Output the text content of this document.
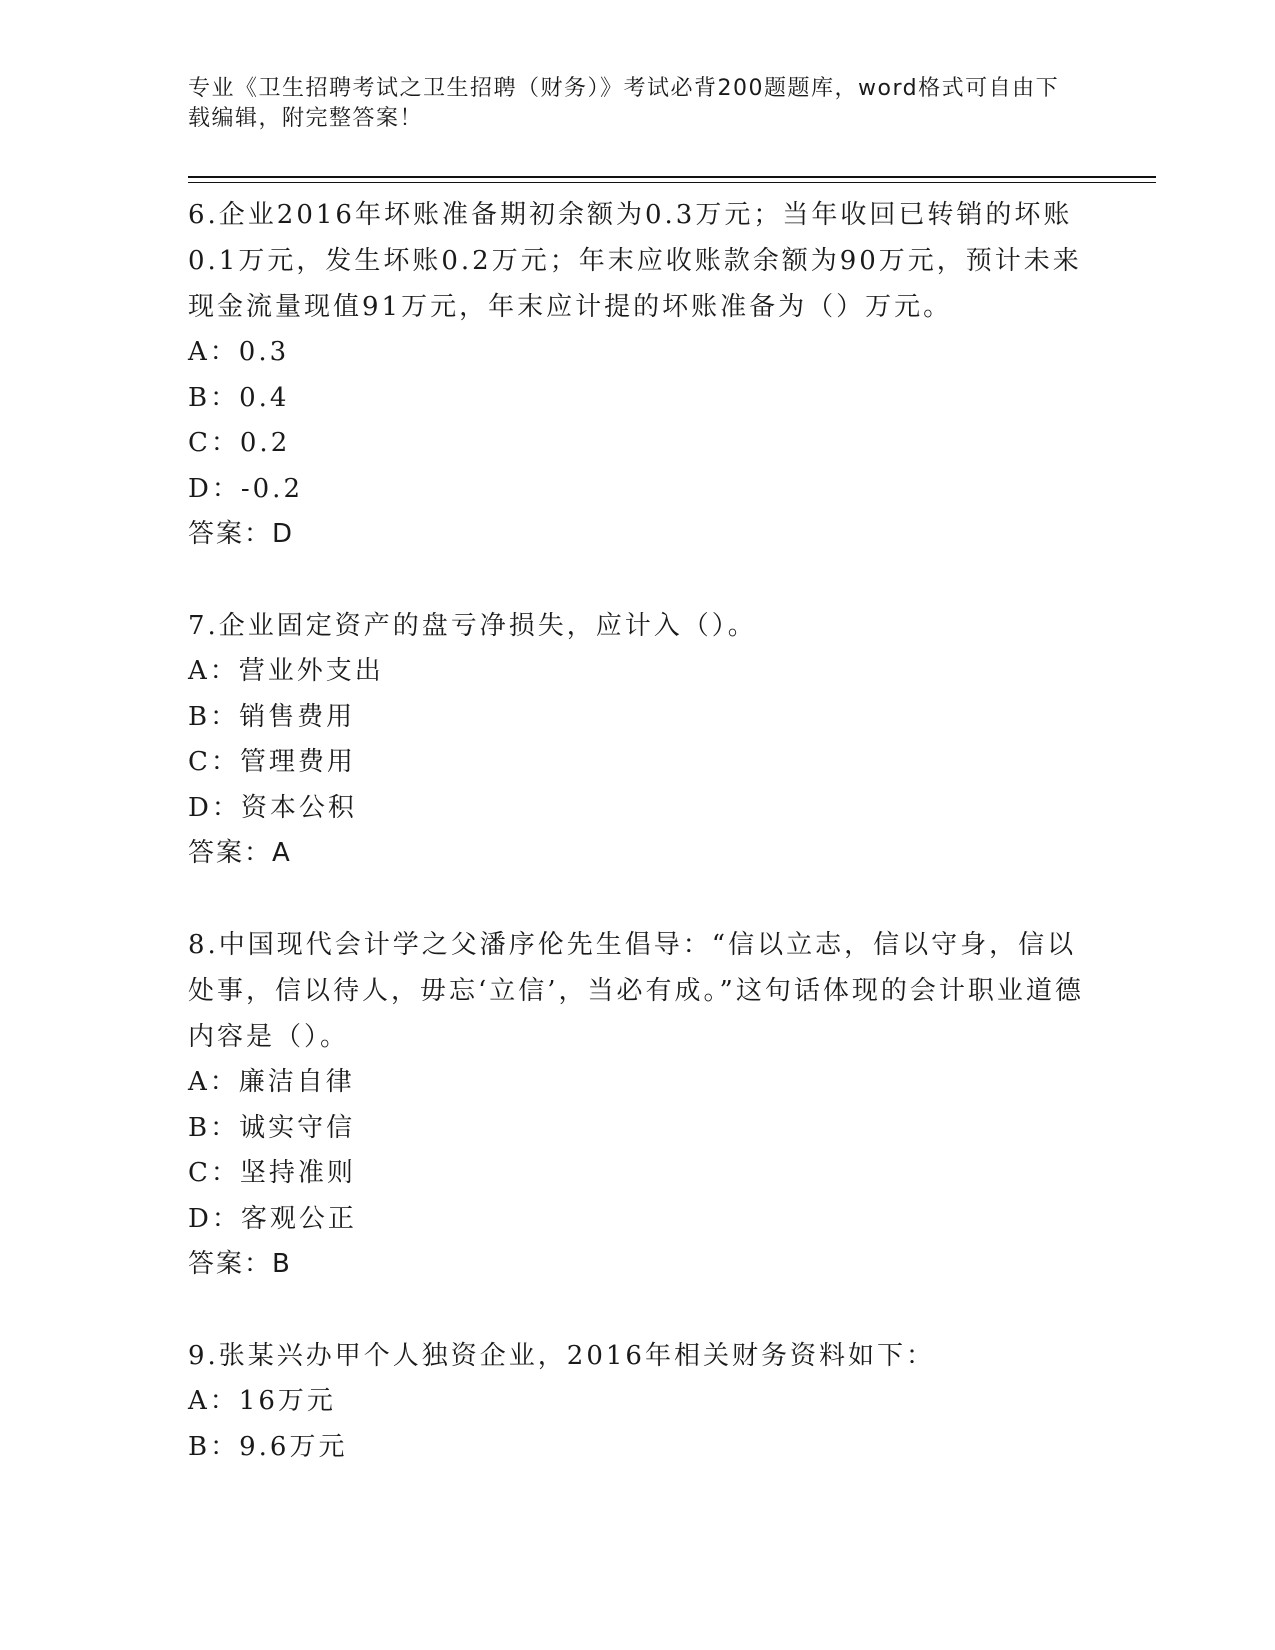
专业《卫生招聘考试之卫生招聘（财务）》考试必背200题题库，word格式可自由下载编辑，附完整答案！
6.企业2016年坏账准备期初余额为0.3万元；当年收回已转销的坏账0.1万元，发生坏账0.2万元；年末应收账款余额为90万元，预计未来现金流量现值91万元，年末应计提的坏账准备为（）万元。
A：0.3
B：0.4
C：0.2
D：-0.2
答案：D
7.企业固定资产的盘亏净损失，应计入（）。
A：营业外支出
B：销售费用
C：管理费用
D：资本公积
答案：A
8.中国现代会计学之父潘序伦先生倡导：“信以立志，信以守身，信以处事，信以待人，毋忘‘立信’，当必有成。”这句话体现的会计职业道德内容是（）。
A：廉洁自律
B：诚实守信
C：坚持准则
D：客观公正
答案：B
9.张某兴办甲个人独资企业，2016年相关财务资料如下：
A：16万元
B：9.6万元
